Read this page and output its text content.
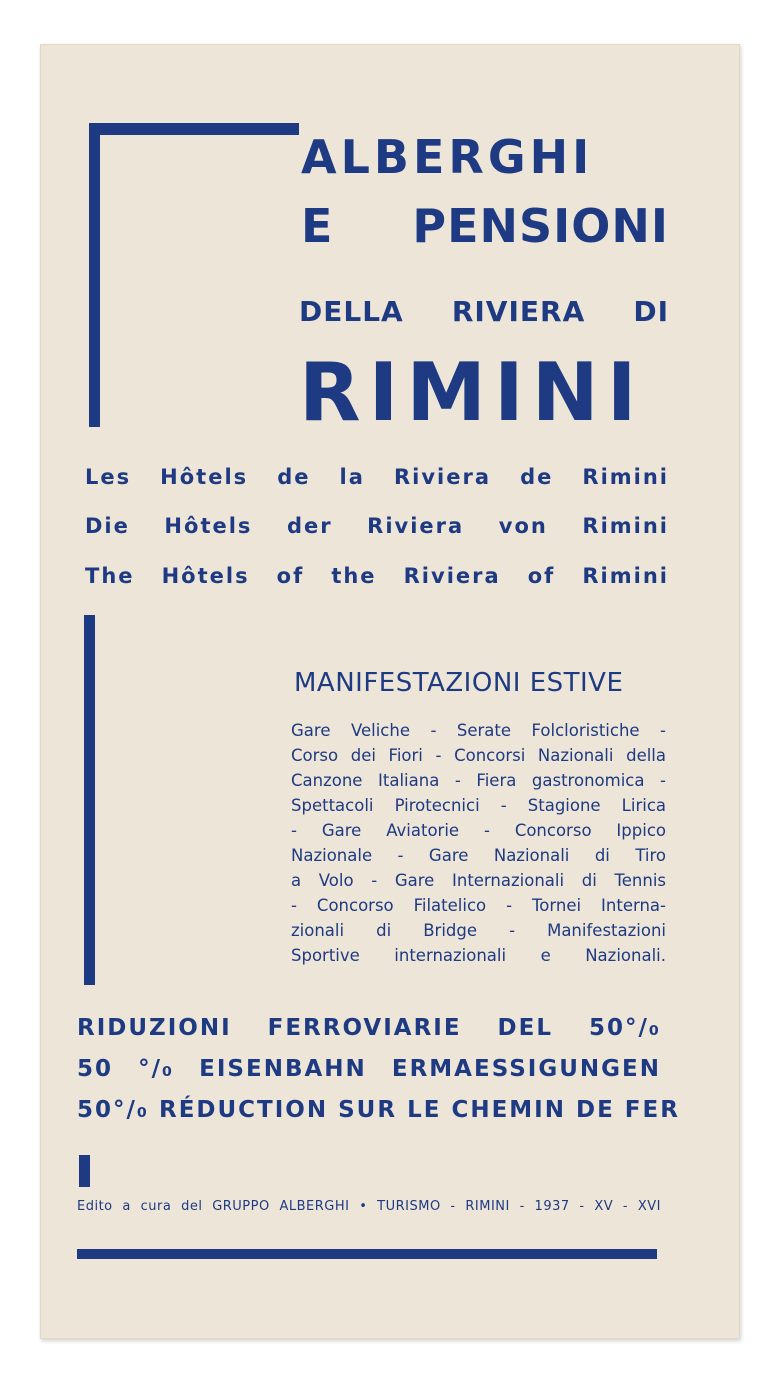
ALBERGHI

E PENSIONI

DELLA RIVIERA DI

RIMINI

Les Hôtels de la Riviera de Rimini

Die Hôtels der Riviera von Rimini

The Hôtels of the Riviera of Rimini

MANIFESTAZIONI ESTIVE

Gare Veliche - Serate Folcloristiche -
Corso dei Fiori - Concorsi Nazionali della
Canzone Italiana - Fiera gastronomica -
Spettacoli Pirotecnici - Stagione Lirica
- Gare Aviatorie - Concorso Ippico
Nazionale - Gare Nazionali di Tiro
a Volo - Gare Internazionali di Tennis
- Concorso Filatelico - Tornei Interna-
zionali di Bridge - Manifestazioni
Sportive internazionali e Nazionali.

RIDUZIONI FERROVIARIE DEL 50°/₀

50 °/₀ EISENBAHN ERMAESSIGUNGEN

50°/₀ RÉDUCTION SUR LE CHEMIN DE FER

Edito a cura del GRUPPO ALBERGHI • TURISMO - RIMINI - 1937 - XV - XVI
